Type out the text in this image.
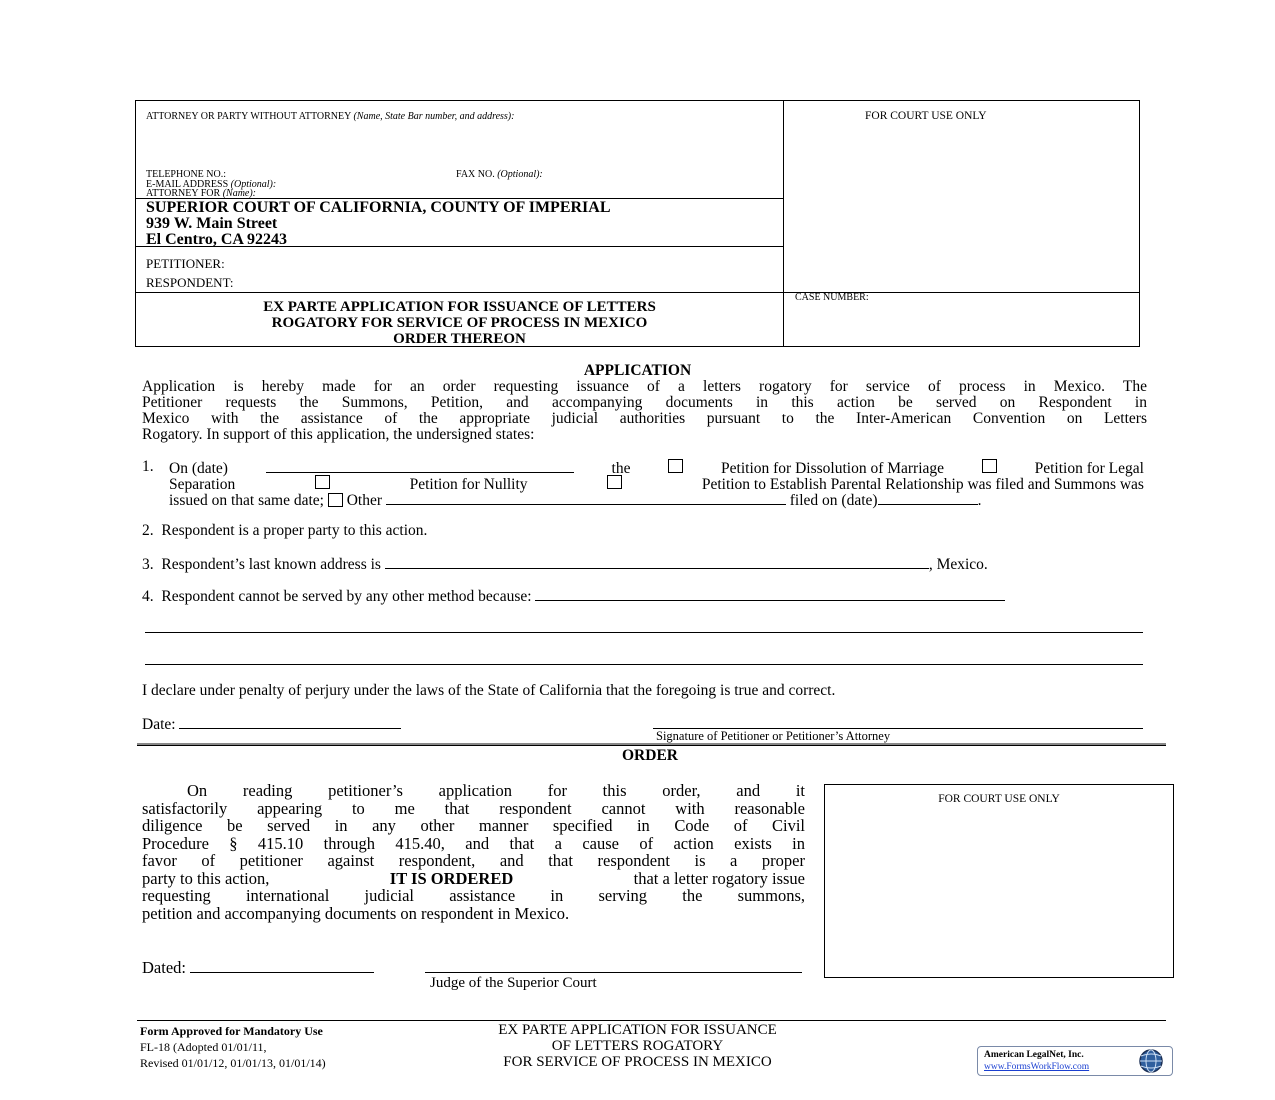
ATTORNEY OR PARTY WITHOUT ATTORNEY (Name, State Bar number, and address):	FOR COURT USE ONLY
TELEPHONE NO.:	FAX NO. (Optional):
E-MAIL ADDRESS (Optional):
ATTORNEY FOR (Name):
SUPERIOR COURT OF CALIFORNIA, COUNTY OF IMPERIAL
939 W. Main Street
El Centro, CA 92243
PETITIONER:
RESPONDENT:
CASE NUMBER:
EX PARTE APPLICATION FOR ISSUANCE OF LETTERS
ROGATORY FOR SERVICE OF PROCESS IN MEXICO
ORDER THEREON
APPLICATION
Application is hereby made for an order requesting issuance of a letters rogatory for service of process in Mexico. The
Petitioner requests the Summons, Petition, and accompanying documents in this action be served on Respondent in
Mexico with the assistance of the appropriate judicial authorities pursuant to the Inter-American Convention on Letters
Rogatory. In support of this application, the undersigned states:
1. On (date)	the	Petition for Dissolution of Marriage	Petition for Legal
Separation	Petition for Nullity	Petition to Establish Parental Relationship was filed and Summons was
issued on that same date; Other	filed on (date)	.
2.  Respondent is a proper party to this action.
3.  Respondent’s last known address is	, Mexico.
4.  Respondent cannot be served by any other method because:
I declare under penalty of perjury under the laws of the State of California that the foregoing is true and correct.
Date:
Signature of Petitioner or Petitioner’s Attorney
ORDER
On reading petitioner’s application for this order, and it
satisfactorily appearing to me that respondent cannot with reasonable
diligence be served in any other manner specified in Code of Civil
Procedure § 415.10 through 415.40, and that a cause of action exists in
favor of petitioner against respondent, and that respondent is a proper
party to this action,	IT IS ORDERED	that a letter rogatory issue
requesting international judicial assistance in serving the summons,
petition and accompanying documents on respondent in Mexico.
FOR COURT USE ONLY
Dated:
Judge of the Superior Court
Form Approved for Mandatory Use
FL-18 (Adopted 01/01/11,
Revised 01/01/12, 01/01/13, 01/01/14)
EX PARTE APPLICATION FOR ISSUANCE
OF LETTERS ROGATORY
FOR SERVICE OF PROCESS IN MEXICO	American LegalNet, Inc.
www.FormsWorkFlow.com
